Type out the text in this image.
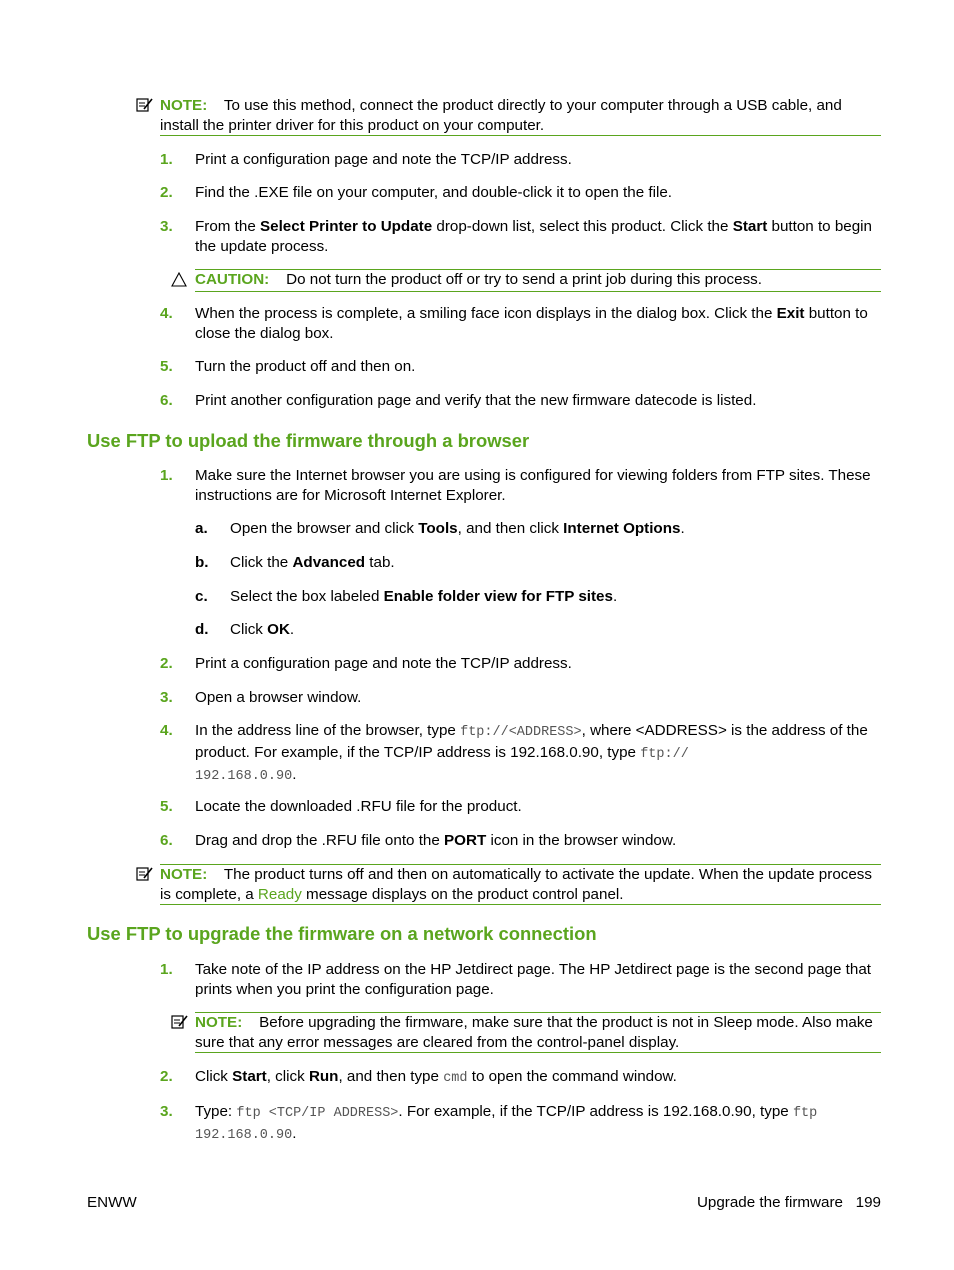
NOTE: To use this method, connect the product directly to your computer through a USB cable, and install the printer driver for this product on your computer.
1. Print a configuration page and note the TCP/IP address.
2. Find the .EXE file on your computer, and double-click it to open the file.
3. From the Select Printer to Update drop-down list, select this product. Click the Start button to begin the update process.
CAUTION: Do not turn the product off or try to send a print job during this process.
4. When the process is complete, a smiling face icon displays in the dialog box. Click the Exit button to close the dialog box.
5. Turn the product off and then on.
6. Print another configuration page and verify that the new firmware datecode is listed.
Use FTP to upload the firmware through a browser
1. Make sure the Internet browser you are using is configured for viewing folders from FTP sites. These instructions are for Microsoft Internet Explorer.
a. Open the browser and click Tools, and then click Internet Options.
b. Click the Advanced tab.
c. Select the box labeled Enable folder view for FTP sites.
d. Click OK.
2. Print a configuration page and note the TCP/IP address.
3. Open a browser window.
4. In the address line of the browser, type ftp://<ADDRESS>, where <ADDRESS> is the address of the product. For example, if the TCP/IP address is 192.168.0.90, type ftp://
192.168.0.90.
5. Locate the downloaded .RFU file for the product.
6. Drag and drop the .RFU file onto the PORT icon in the browser window.
NOTE: The product turns off and then on automatically to activate the update. When the update process is complete, a Ready message displays on the product control panel.
Use FTP to upgrade the firmware on a network connection
1. Take note of the IP address on the HP Jetdirect page. The HP Jetdirect page is the second page that prints when you print the configuration page.
NOTE: Before upgrading the firmware, make sure that the product is not in Sleep mode. Also make sure that any error messages are cleared from the control-panel display.
2. Click Start, click Run, and then type cmd to open the command window.
3. Type: ftp <TCP/IP ADDRESS>. For example, if the TCP/IP address is 192.168.0.90, type ftp
192.168.0.90.
ENWW	Upgrade the firmware 199
